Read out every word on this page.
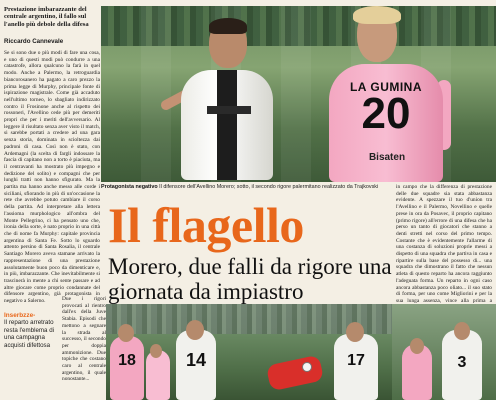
Prestazione imbarazzante del centrale argentino, il fallo sul l'anello più debole della difesa
Riccardo Cannevale
Se si sono due o più modi di fare una cosa, e uno di questi modi può condurre a una catastrofe, allora qualcuno la farà in quel modo. Anche a Palermo, la retroguardia biancorosanero ha pagato a caro prezzo la prima legge di Murphy, principale fonte di ispirazione magistrale. Come già accaduto nell'ultimo torneo, lo sbagliato indirizzato contro il Frosinone anche al rispetto dei rossoneri, l'Avellino cede più per demeriti propri che per i meriti dell'avversario. Al leggere il risultato senza aver visto il match, si sarebbe portati a credere ad una gara senza storia, dominata in scioltezza dai padroni di casa. Così non è stato, con Ardemagni (la scelta di fargli indossare la fascia di capitano non a torto è piaciuta, ma il centravanti ha mostrato più impegno e dedizione del solito) e compagni che per lunghi tratti non hanno sfigurato. Ma la partita ma hanno anche messo alle corde i siciliani, sfiorando in più di un'occasione la rete che avrebbe potuto cambiare il corso della partita. Ad interpretare alla lettera l'assioma murphologico all'ombra del Monte Pellegrino, ci ha pensato uno che, ironia della sorte, è nato proprio in una città che di nome fa Murphy: capitale provincia argentina di Santa Fe. Sotto lo sguardo attento persino di Santa Rosalia, il centrale Santiago Morero aveva stamane arrivato la rappresentazione di una prestazione assolutamente buon poco da dimenticare e, in più, imbarazzante. Che inevitabilmente si trascinerà in mente a chi sente passare e ad altre giocare come proprio condannate del difensore argentino, già protagonista in negativo a Salerno.
LA GUMINA
20
Bisaten
Protagonista negativo Il difensore dell'Avellino Morero; sotto, il secondo rigore palermitano realizzato da Trajkovski
Il flagello
Morero, due falli da rigore una giornata da impiastro
in campo che la differenza di prestazione delle due squadre sia stata abbastanza evidente. A spezzare il tuo d'union tra l'Avellino e il Palermo, Novellino e quelle prese in ora da Posavec, il proprio capitano (primo rigore) all'errore di una difesa che ha perso un tanto di giocatori che stanno a denti stretti nel corso del primo tempo. Costante che è evidentemente l'allarme di una costanza di soluzioni proprie messi a dispetto di una squadra che partiva in casa e ripartire sulla base del possesso di... una squadra che dimostrano il fatto che nessun atleta di questo reparto ha ancora raggiunto l'adeguata forma. Un reparto in ogni caso ancora abbastanza poco oliato... il suo stato di forma, per uno come Migliorini e per la sua lunga assenza, vince alla prima a
Inserbzze-
Il reparto arretrato resta l'emblema di una campagna acquisti difettosa
Due i rigori provocati al rientro dall'ex della Juve Stabia. Episodi che mettono a segnare la strada al successo, il secondo per doppia ammonizione. Due topiche che costano caro al centrale argentino, il quale nonostante...
18	14	17	3
